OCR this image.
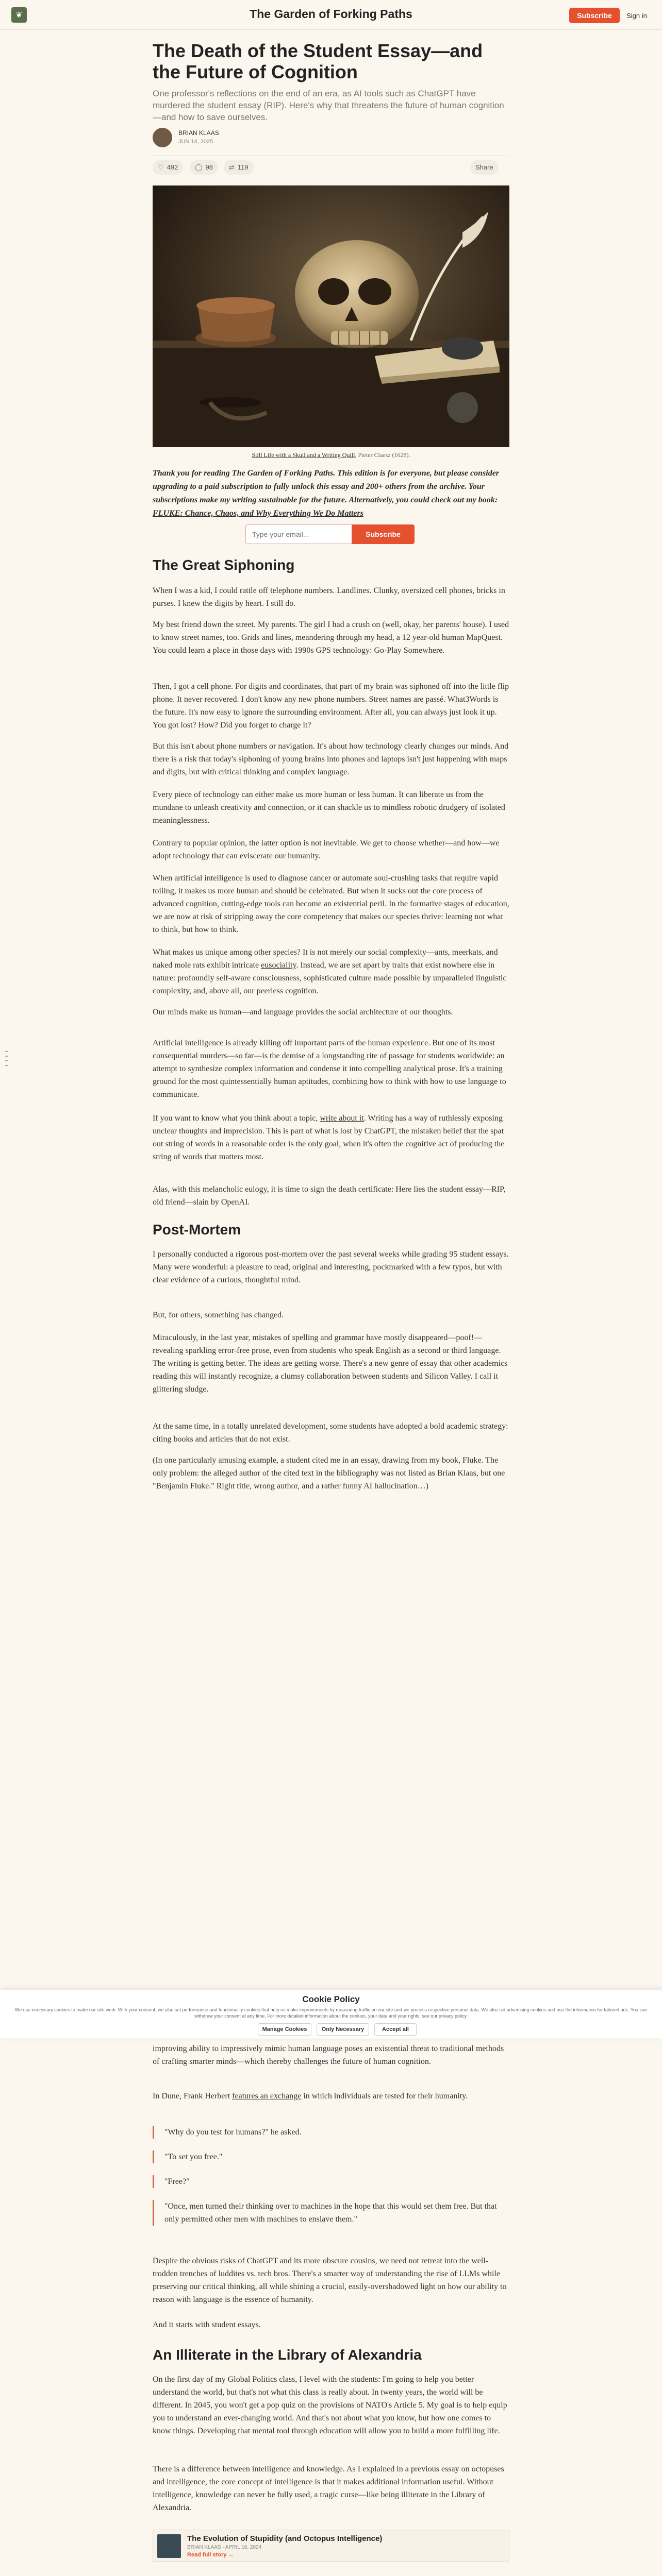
❦	The Garden of Forking Paths	Subscribe	Sign in
The Death of the Student Essay—and the Future of Cognition

One professor's reflections on the end of an era, as AI tools such as ChatGPT have murdered the student essay (RIP). Here's why that threatens the future of human cognition—and how to save ourselves.

BRIAN KLAAS
JUN 14, 2025
♡ 492	◯ 98	⇄ 119	Share
Still Life with a Skull and a Writing Quill, Pieter Claesz (1628).

Thank you for reading The Garden of Forking Paths. This edition is for everyone, but please consider upgrading to a paid subscription to fully unlock this essay and 200+ others from the archive. Your subscriptions make my writing sustainable for the future. Alternatively, you could check out my book: FLUKE: Chance, Chaos, and Why Everything We Do Matters

Type your email...
Subscribe
The Great Siphoning

When I was a kid, I could rattle off telephone numbers. Landlines. Clunky, oversized cell phones, bricks in purses. I knew the digits by heart. I still do.

My best friend down the street. My parents. The girl I had a crush on (well, okay, her parents' house). I used to know street names, too. Grids and lines, meandering through my head, a 12 year-old human MapQuest. You could learn a place in those days with 1990s GPS technology: Go-Play Somewhere.

Then, I got a cell phone. For digits and coordinates, that part of my brain was siphoned off into the little flip phone. It never recovered. I don't know any new phone numbers. Street names are passé. What3Words is the future. It's now easy to ignore the surrounding environment. After all, you can always just look it up. You got lost? How? Did you forget to charge it?

But this isn't about phone numbers or navigation. It's about how technology clearly changes our minds. And there is a risk that today's siphoning of young brains into phones and laptops isn't just happening with maps and digits, but with critical thinking and complex language.

Every piece of technology can either make us more human or less human. It can liberate us from the mundane to unleash creativity and connection, or it can shackle us to mindless robotic drudgery of isolated meaninglessness.

Contrary to popular opinion, the latter option is not inevitable. We get to choose whether—and how—we adopt technology that can eviscerate our humanity.

When artificial intelligence is used to diagnose cancer or automate soul-crushing tasks that require vapid toiling, it makes us more human and should be celebrated. But when it sucks out the core process of advanced cognition, cutting-edge tools can become an existential peril. In the formative stages of education, we are now at risk of stripping away the core competency that makes our species thrive: learning not what to think, but how to think.

What makes us unique among other species? It is not merely our social complexity—ants, meerkats, and naked mole rats exhibit intricate eusociality. Instead, we are set apart by traits that exist nowhere else in nature: profoundly self-aware consciousness, sophisticated culture made possible by unparalleled linguistic complexity, and, above all, our peerless cognition.

Our minds make us human—and language provides the social architecture of our thoughts.

Artificial intelligence is already killing off important parts of the human experience. But one of its most consequential murders—so far—is the demise of a longstanding rite of passage for students worldwide: an attempt to synthesize complex information and condense it into compelling analytical prose. It's a training ground for the most quintessentially human aptitudes, combining how to think with how to use language to communicate.

If you want to know what you think about a topic, write about it. Writing has a way of ruthlessly exposing unclear thoughts and imprecision. This is part of what is lost by ChatGPT, the mistaken belief that the spat out string of words in a reasonable order is the only goal, when it's often the cognitive act of producing the string of words that matters most.

Alas, with this melancholic eulogy, it is time to sign the death certificate: Here lies the student essay—RIP, old friend—slain by OpenAI.

Post-Mortem

I personally conducted a rigorous post-mortem over the past several weeks while grading 95 student essays. Many were wonderful: a pleasure to read, original and interesting, pockmarked with a few typos, but with clear evidence of a curious, thoughtful mind.

But, for others, something has changed.

Miraculously, in the last year, mistakes of spelling and grammar have mostly disappeared—poof!—revealing sparkling error-free prose, even from students who speak English as a second or third language. The writing is getting better. The ideas are getting worse. There's a new genre of essay that other academics reading this will instantly recognize, a clumsy collaboration between students and Silicon Valley. I call it glittering sludge.

At the same time, in a totally unrelated development, some students have adopted a bold academic strategy: citing books and articles that do not exist.

(In one particularly amusing example, a student cited me in an essay, drawing from my book, Fluke. The only problem: the alleged author of the cited text in the bibliography was not listed as Brian Klaas, but one "Benjamin Fluke." Right title, wrong author, and a rather funny AI hallucination…)

Cookie Policy
We use necessary cookies to make our site work. With your consent, we also set performance and functionality cookies that help us make improvements by measuring traffic on our site and we process respective personal data. We also set advertising cookies and use the information for tailored ads. You can withdraw your consent at any time. For more detailed information about the cookies, your data and your rights, see our privacy policy.
Manage Cookies	Only Necessary	Accept all

improving ability to impressively mimic human language poses an existential threat to traditional methods of crafting smarter minds—which thereby challenges the future of human cognition.

In Dune, Frank Herbert features an exchange in which individuals are tested for their humanity.

"Why do you test for humans?" he asked.
"To set you free."
"Free?"
"Once, men turned their thinking over to machines in the hope that this would set them free. But that only permitted other men with machines to enslave them."

Despite the obvious risks of ChatGPT and its more obscure cousins, we need not retreat into the well-trodden trenches of luddites vs. tech bros. There's a smarter way of understanding the rise of LLMs while preserving our critical thinking, all while shining a crucial, easily-overshadowed light on how our ability to reason with language is the essence of humanity.

And it starts with student essays.

An Illiterate in the Library of Alexandria

On the first day of my Global Politics class, I level with the students: I'm going to help you better understand the world, but that's not what this class is really about. In twenty years, the world will be different. In 2045, you won't get a pop quiz on the provisions of NATO's Article 5. My goal is to help equip you to understand an ever-changing world. And that's not about what you know, but how one comes to know things. Developing that mental tool through education will allow you to build a more fulfilling life.

There is a difference between intelligence and knowledge. As I explained in a previous essay on octopuses and intelligence, the core concept of intelligence is that it makes additional information useful. Without intelligence, knowledge can never be fully used, a tragic curse—like being illiterate in the Library of Alexandria.

The Evolution of Stupidity (and Octopus Intelligence)
BRIAN KLAAS · APRIL 16, 2024
Read full story →
